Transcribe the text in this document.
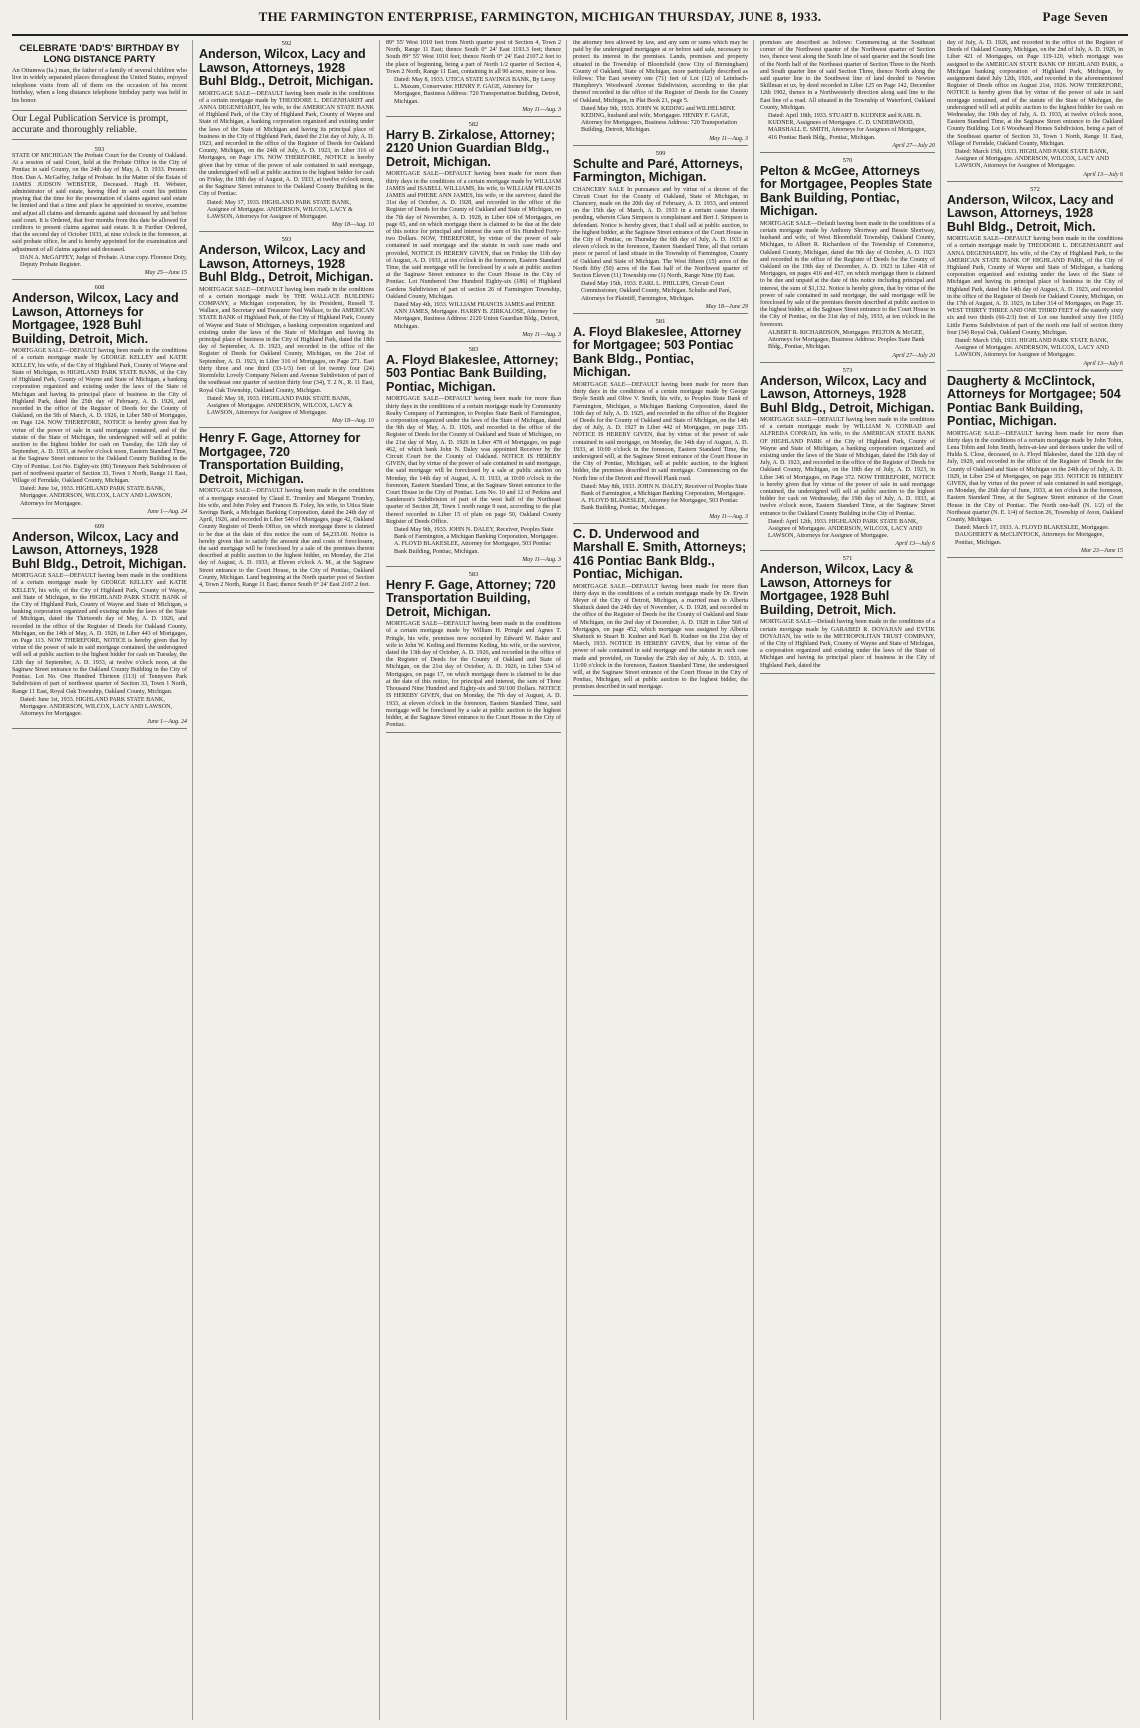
THE FARMINGTON ENTERPRISE, FARMINGTON, MICHIGAN THURSDAY, JUNE 8, 1933.	Page Seven
CELEBRATE 'DAD'S' BIRTHDAY BY LONG DISTANCE PARTY
An Ottumwa (Ia.) man, the father of a family of several children who live in widely separated places throughout the United States, enjoyed telephone visits from all of them on the occasion of his recent birthday, when a long distance telephone birthday party was held in his honor.
Our Legal Publication Service is prompt, accurate and thoroughly reliable.
593

STATE OF MICHIGAN The Probate Court for the County of Oakland. At a session of said Court, held at the Probate Office in the City of Pontiac in said County, on the 24th day of May, A. D. 1933. Present: Hon. Dan A. McGaffey, Judge of Probate. In the Matter of the Estate of JAMES JUDSON WEBSTER, Deceased. Hugh H. Webster, administrator of said estate, having filed in said court his petition praying that the time for the presentation of claims against said estate be limited and that a time and place be appointed to receive, examine and adjust all claims and demands against said deceased by and before said court. It is Ordered, that four months from this date be allowed for creditors to present claims against said estate. It is Further Ordered, that the second day of October 1933, at nine o'clock in the forenoon, at said probate office, be and is hereby appointed for the examination and adjustment of all claims against said deceased.

DAN A. McGAFFEY, Judge of Probate. A true copy. Florence Doty, Deputy Probate Register.
May 25—June 15
608
Anderson, Wilcox, Lacy and Lawson, Attorneys for Mortgagee, 1928 Buhl Building, Detroit, Mich.

MORTGAGE SALE—DEFAULT having been made in the conditions of a certain mortgage made by GEORGE KELLEY and KATIE KELLEY, his wife, of the City of Highland Park, County of Wayne and State of Michigan, to HIGHLAND PARK STATE BANK, of the City of Highland Park, County of Wayne and State of Michigan, a banking corporation organized and existing under the laws of the State of Michigan and having its principal place of business in the City of Highland Park, dated the 25th day of February, A. D. 1926, and recorded in the office of the Register of Deeds for the County of Oakland, on the 5th of March, A. D. 1926, in Liber 580 of Mortgages, on Page 124. NOW THEREFORE, NOTICE is hereby given that by virtue of the power of sale in said mortgage contained, and of the statute of the State of Michigan, the undersigned will sell at public auction to the highest bidder for cash on Tuesday, the 12th day of September, A. D. 1933, at twelve o'clock noon, Eastern Standard Time, at the Saginaw Street entrance to the Oakland County Building in the City of Pontiac. Lot No. Eighty-six (86) Tennyson Park Subdivision of part of northwest quarter of Section 33, Town 1 North, Range 11 East, Village of Ferndale, Oakland County, Michigan.

Dated: June 1st, 1933. HIGHLAND PARK STATE BANK, Mortgagee. ANDERSON, WILCOX, LACY AND LAWSON, Attorneys for Mortgagee.
June 1—Aug. 24
609
Anderson, Wilcox, Lacy and Lawson, Attorneys, 1928 Buhl Bldg., Detroit, Michigan.

MORTGAGE SALE—DEFAULT having been made in the conditions of a certain mortgage made by GEORGE KELLEY and KATIE KELLEY, his wife, of the City of Highland Park, County of Wayne, and State of Michigan, to the HIGHLAND PARK STATE BANK of the City of Highland Park, County of Wayne and State of Michigan, a banking corporation organized and existing under the laws of the State of Michigan, dated the Thirteenth day of May, A. D. 1926, and recorded in the office of the Register of Deeds for Oakland County, Michigan, on the 14th of May, A. D. 1926, in Liber 443 of Mortgages, on Page 113. NOW THEREFORE, NOTICE is hereby given that by virtue of the power of sale in said mortgage contained, the undersigned will sell at public auction to the highest bidder for cash on Tuesday, the 12th day of September, A. D. 1933, at twelve o'clock noon, at the Saginaw Street entrance to the Oakland County Building in the City of Pontiac. Lot No. One Hundred Thirteen (113) of Tennyson Park Subdivision of part of northwest quarter of Section 33, Town 1 North, Range 11 East, Royal Oak Township, Oakland County, Michigan.

Dated: June 1st, 1933. HIGHLAND PARK STATE BANK, Mortgagee. ANDERSON, WILCOX, LACY AND LAWSON, Attorneys for Mortgagee.
June 1—Aug. 24
592
Anderson, Wilcox, Lacy and Lawson, Attorneys, 1928 Buhl Bldg., Detroit, Michigan.

MORTGAGE SALE—DEFAULT having been made in the conditions of a certain mortgage made by THEODORE L. DEGENHARDT and ANNA DEGENHARDT, his wife, to the AMERICAN STATE BANK of Highland Park, of the City of Highland Park, County of Wayne and State of Michigan, a banking corporation organized and existing under the laws of the State of Michigan and having its principal place of business in the City of Highland Park, dated the 21st day of July, A. D. 1923, and recorded in the office of the Register of Deeds for Oakland County, Michigan, on the 24th of July, A. D. 1923, in Liber 316 of Mortgages, on Page 176. NOW THEREFORE, NOTICE is hereby given that by virtue of the power of sale contained in said mortgage, the undersigned will sell at public auction to the highest bidder for cash on Friday, the 18th day of August, A. D. 1933, at twelve o'clock noon, at the Saginaw Street entrance to the Oakland County Building in the City of Pontiac.

Dated: May 17, 1933. HIGHLAND PARK STATE BANK, Assignee of Mortgagee. ANDERSON, WILCOX, LACY & LAWSON, Attorneys for Assignee of Mortgagee.
May 18—Aug. 10
593
Anderson, Wilcox, Lacy and Lawson, Attorneys, 1928 Buhl Bldg., Detroit, Michigan.

MORTGAGE SALE—DEFAULT having been made in the conditions of a certain mortgage made by THE WALLACE BUILDING COMPANY, a Michigan corporation, by its President, Russell T. Wallace, and Secretary and Treasurer Ned Wallace, to the AMERICAN STATE BANK of Highland Park, of the City of Highland Park, County of Wayne and State of Michigan, a banking corporation organized and existing under the laws of the State of Michigan and having its principal place of business in the City of Highland Park, dated the 18th day of September, A. D. 1923, and recorded in the office of the Register of Deeds for Oakland County, Michigan, on the 21st of September, A. D. 1923, in Liber 316 of Mortgages, on Page 271. East thirty three and one third (33-1/3) feet of lot twenty four (24) Stormfeltz Lovely Company Nelson and Avenue Subdivision of part of the southeast one quarter of section thirty four (34), T. 2 N., R. 11 East, Royal Oak Township, Oakland County, Michigan.

Dated: May 18, 1933. HIGHLAND PARK STATE BANK, Assignee of Mortgagee. ANDERSON, WILCOX, LACY & LAWSON, Attorneys for Assignee of Mortgagee.
May 18—Aug. 10
Henry F. Gage, Attorney for Mortgagee, 720 Transportation Building, Detroit, Michigan.

MORTGAGE SALE—DEFAULT having been made in the conditions of a mortgage executed by Claud E. Tromley and Margaret Tromley, his wife, and John Foley and Frances B. Foley, his wife, to Utica State Savings Bank, a Michigan Banking Corporation, dated the 24th day of April, 1926, and recorded in Liber 540 of Mortgages, page 42, Oakland County Register of Deeds Office, on which mortgage there is claimed to be due at the date of this notice the sum of $4,235.00. Notice is hereby given that to satisfy the amount due and costs of foreclosure, the said mortgage will be foreclosed by a sale of the premises therein described at public auction to the highest bidder, on Monday, the 21st day of August, A. D. 1933, at Eleven o'clock A. M., at the Saginaw Street entrance to the Court House, in the City of Pontiac, Oakland County, Michigan. Land beginning at the North quarter post of Section 4, Town 2 North, Range 11 East; thence South 0° 24' East 2107.2 feet.

89° 55' West 1010 feet from North quarter post of Section 4, Town 2 North, Range 11 East; thence South 0° 24' East 1193.3 feet; thence South 89° 55' West 1010 feet; thence North 0° 24' East 2107.2 feet to the place of beginning, being a part of North 1/2 quarter of Section 4, Town 2 North, Range 11 East, containing in all 90 acres, more or less.

Dated: May 8, 1933. UTICA STATE SAVINGS BANK, By Leroy L. Maxam, Conservator. HENRY F. GAGE, Attorney for Mortgagee, Business Address: 720 Transportation Building, Detroit, Michigan.
May 11—Aug. 3
582
Harry B. Zirkalose, Attorney; 2120 Union Guardian Bldg., Detroit, Michigan.

MORTGAGE SALE—DEFAULT having been made for more than thirty days in the conditions of a certain mortgage made by WILLIAM JAMES and ISABELL WILLIAMS, his wife, to WILLIAM FRANCIS JAMES and PHEBE ANN JAMES, his wife, or the survivor, dated the 31st day of October, A. D. 1928, and recorded in the office of the Register of Deeds for the County of Oakland and State of Michigan, on the 7th day of November, A. D. 1928, in Liber 604 of Mortgages, on page 65, and on which mortgage there is claimed to be due at the date of this notice for principal and interest the sum of Six Hundred Forty-two Dollars. NOW, THEREFORE, by virtue of the power of sale contained in said mortgage and the statute in such case made and provided, NOTICE IS HEREBY GIVEN, that on Friday the 11th day of August, A. D. 1933, at ten o'clock in the forenoon, Eastern Standard Time, the said mortgage will be foreclosed by a sale at public auction at the Saginaw Street entrance to the Court House in the City of Pontiac. Lot Numbered One Hundred Eighty-six (186) of Highland Gardens Subdivision of part of section 26 of Farmington Township, Oakland County, Michigan.

Dated May 4th, 1933. WILLIAM FRANCIS JAMES and PHEBE ANN JAMES, Mortgagee. HARRY B. ZIRKALOSE, Attorney for Mortgagee, Business Address: 2120 Union Guardian Bldg., Detroit, Michigan.
May 11—Aug. 3
583
A. Floyd Blakeslee, Attorney; 503 Pontiac Bank Building, Pontiac, Michigan.

MORTGAGE SALE—DEFAULT having been made for more than thirty days in the conditions of a certain mortgage made by Community Realty Company of Farmington, to Peoples State Bank of Farmington, a corporation organized under the laws of the State of Michigan, dated the 9th day of May, A. D. 1926, and recorded in the office of the Register of Deeds for the County of Oakland and State of Michigan, on the 21st day of May, A. D. 1926 in Liber 478 of Mortgages, on page 462, of which bank John N. Daley was appointed Receiver by the Circuit Court for the County of Oakland. NOTICE IS HEREBY GIVEN, that by virtue of the power of sale contained in said mortgage, the said mortgage will be foreclosed by a sale at public auction on Monday, the 14th day of August, A. D. 1933, at 10:00 o'clock in the forenoon, Eastern Standard Time, at the Saginaw Street entrance to the Court House in the City of Pontiac. Lots No. 10 and 12 of Perkins and Sanderson's Subdivision of part of the west half of the Northeast quarter of Section 28, Town 1 north range 9 east, according to the plat thereof recorded in Liber 15 of plats on page 50, Oakland County Register of Deeds Office.

Dated May 9th, 1933. JOHN N. DALEY, Receiver, Peoples State Bank of Farmington, a Michigan Banking Corporation, Mortgagee. A. FLOYD BLAKESLEE, Attorney for Mortgagee, 503 Pontiac Bank Building, Pontiac, Michigan.
May 11—Aug. 3
583
Henry F. Gage, Attorney; 720 Transportation Building, Detroit, Michigan.

MORTGAGE SALE—DEFAULT having been made in the conditions of a certain mortgage made by William H. Pringle and Agnes T. Pringle, his wife, premises now occupied by Edward W. Baker and wife to John W. Keding and Hermine Keding, his wife, or the survivor, dated the 13th day of October, A. D. 1926, and recorded in the office of the Register of Deeds for the County of Oakland and State of Michigan, on the 21st day of October, A. D. 1926, in Liber 534 of Mortgages, on page 17, on which mortgage there is claimed to be due at the date of this notice, for principal and interest, the sum of Three Thousand Nine Hundred and Eighty-six and 50/100 Dollars. NOTICE IS HEREBY GIVEN, that on Monday, the 7th day of August, A. D. 1933, at eleven o'clock in the forenoon, Eastern Standard Time, said mortgage will be foreclosed by a sale at public auction to the highest bidder, at the Saginaw Street entrance to the Court House in the City of Pontiac.

the attorney fees allowed by law, and any sum or sums which may be paid by the undersigned mortgagee at or before said sale, necessary to protect its interest in the premises. Lands, premises and property situated in the Township of Bloomfield (now City of Birmingham) County of Oakland, State of Michigan, more particularly described as follows: The East seventy one (71) feet of Lot (12) of Leinbach-Humphrey's Woodward Avenue Subdivision, according to the plat thereof recorded in the office of the Register of Deeds for the County of Oakland, Michigan, in Plat Book 21, page 5.

Dated May 9th, 1933. JOHN W. KEDING and WILHELMINE KEDING, husband and wife, Mortgagee. HENRY F. GAGE, Attorney for Mortgagees, Business Address: 720 Transportation Building, Detroit, Michigan.
May 11—Aug. 3
599
Schulte and Paré, Attorneys, Farmington, Michigan.

CHANCERY SALE In pursuance and by virtue of a decree of the Circuit Court for the County of Oakland, State of Michigan, in Chancery, made on the 20th day of February, A. D. 1933, and entered on the 15th day of March, A. D. 1933 in a certain cause therein pending, wherein Clara Simpson is complainant and Bert J. Simpson is defendant. Notice is hereby given, that I shall sell at public auction, to the highest bidder, at the Saginaw Street entrance of the Court House in the City of Pontiac, on Thursday the 6th day of July, A. D. 1933 at eleven o'clock in the forenoon, Eastern Standard Time, all that certain piece or parcel of land situate in the Township of Farmington, County of Oakland and State of Michigan. The West fifteen (15) acres of the North fifty (50) acres of the East half of the Northwest quarter of Section Eleven (11) Township one (1) North, Range Nine (9) East.

Dated May 15th, 1933. EARL L. PHILLIPS, Circuit Court Commissioner, Oakland County, Michigan. Schulte and Paré, Attorneys for Plaintiff, Farmington, Michigan.
May 18—June 29
581
A. Floyd Blakeslee, Attorney for Mortgagee; 503 Pontiac Bank Bldg., Pontiac, Michigan.

MORTGAGE SALE—DEFAULT having been made for more than thirty days in the conditions of a certain mortgage made by George Boyle Smith and Olive V. Smith, his wife, to Peoples State Bank of Farmington, Michigan, a Michigan Banking Corporation, dated the 10th day of July, A. D. 1925, and recorded in the office of the Register of Deeds for the County of Oakland and State of Michigan, on the 14th day of July, A. D. 1927 in Liber 442 of Mortgages, on page 335. NOTICE IS HEREBY GIVEN, that by virtue of the power of sale contained in said mortgage, on Monday, the 14th day of August, A. D. 1933, at 10:00 o'clock in the forenoon, Eastern Standard Time, the undersigned will, at the Saginaw Street entrance of the Court House in the City of Pontiac, Michigan, sell at public auction, to the highest bidder, the premises described in said mortgage. Commencing on the North line of the Detroit and Howell Plank road.

Dated: May 8th, 1933. JOHN N. DALEY, Receiver of Peoples State Bank of Farmington, a Michigan Banking Corporation, Mortgagee. A. FLOYD BLAKESLEE, Attorney for Mortgagee, 503 Pontiac Bank Building, Pontiac, Michigan.
May 11—Aug. 3
C. D. Underwood and Marshall E. Smith, Attorneys; 416 Pontiac Bank Bldg., Pontiac, Michigan.

MORTGAGE SALE—DEFAULT having been made for more than thirty days in the conditions of a certain mortgage made by Dr. Erwin Meyer of the City of Detroit, Michigan, a married man to Alberta Shattuck dated the 24th day of November, A. D. 1928, and recorded in the office of the Register of Deeds for the County of Oakland and State of Michigan, on the 2nd day of December, A. D. 1928 in Liber 568 of Mortgages, on page 452, which mortgage was assigned by Alberta Shattuck to Stuart B. Kudner and Karl B. Kudner on the 21st day of March, 1933. NOTICE IS HEREBY GIVEN, that by virtue of the power of sale contained in said mortgage and the statute in such case made and provided, on Tuesday the 25th day of July, A. D. 1933, at 11:00 o'clock in the forenoon, Eastern Standard Time, the undersigned will, at the Saginaw Street entrance of the Court House in the City of Pontiac, Michigan, sell at public auction to the highest bidder, the premises described in said mortgage.

premises are described as follows: Commencing at the Southeast corner of the Northwest quarter of the Northwest quarter of Section two, thence west along the South line of said quarter and the South line of the North half of the Northeast quarter of Section Three to the North and South quarter line of said Section Three, thence North along the said quarter line to the Southwest line of land deeded to Newton Skillman et ux, by deed recorded in Liber 125 on Page 142, December 12th 1902, thence in a Northwesterly direction along said line to the East line of a road. All situated in the Township of Waterford, Oakland County, Michigan.

Dated: April 18th, 1933. STUART B. KUDNER and KARL B. KUDNER, Assignees of Mortgagee. C. D. UNDERWOOD, MARSHALL E. SMITH, Attorneys for Assignees of Mortgagee, 416 Pontiac Bank Bldg., Pontiac, Michigan.
April 27—July 20
570
Pelton & McGee, Attorneys for Mortgagee, Peoples State Bank Building, Pontiac, Michigan.

MORTGAGE SALE—Default having been made in the conditions of a certain mortgage made by Anthony Shortway and Bessie Shortway, husband and wife, of West Bloomfield Township, Oakland County, Michigan, to Albert R. Richardson of the Township of Commerce, Oakland County, Michigan, dated the 9th day of October, A. D. 1923 and recorded in the office of the Register of Deeds for the County of Oakland on the 19th day of December, A. D. 1923 in Liber 418 of Mortgages, on pages 416 and 417, on which mortgage there is claimed to be due and unpaid at the date of this notice including principal and interest, the sum of $1,132. Notice is hereby given, that by virtue of the power of sale contained in said mortgage, the said mortgage will be foreclosed by sale of the premises therein described at public auction to the highest bidder, at the Saginaw Street entrance to the Court House in the City of Pontiac, on the 31st day of July, 1933, at ten o'clock in the forenoon.

ALBERT R. RICHARDSON, Mortgagee. PELTON & McGEE, Attorneys for Mortgagee, Business Address: Peoples State Bank Bldg., Pontiac, Michigan.
April 27—July 20
573
Anderson, Wilcox, Lacy and Lawson, Attorneys, 1928 Buhl Bldg., Detroit, Michigan.

MORTGAGE SALE—DEFAULT having been made in the conditions of a certain mortgage made by WILLIAM N. CONRAD and ALFREDA CONRAD, his wife, to the AMERICAN STATE BANK OF HIGHLAND PARK of the City of Highland Park, County of Wayne and State of Michigan, a banking corporation organized and existing under the laws of the State of Michigan, dated the 15th day of July, A. D. 1923, and recorded in the office of the Register of Deeds for Oakland County, Michigan, on the 18th day of July, A. D. 1923, in Liber 346 of Mortgages, on Page 372. NOW THEREFORE, NOTICE is hereby given that by virtue of the power of sale in said mortgage contained, the undersigned will sell at public auction to the highest bidder for cash on Wednesday, the 19th day of July, A. D. 1933, at twelve o'clock noon, Eastern Standard Time, at the Saginaw Street entrance to the Oakland County Building in the City of Pontiac.

Dated: April 12th, 1933. HIGHLAND PARK STATE BANK, Assignee of Mortgagee. ANDERSON, WILCOX, LACY AND LAWSON, Attorneys for Assignee of Mortgagee.
April 13—July 6
571
Anderson, Wilcox, Lacy & Lawson, Attorneys for Mortgagee, 1928 Buhl Building, Detroit, Mich.

MORTGAGE SALE—Default having been made in the conditions of a certain mortgage made by GARABED R. DOYAJIAN and EVTIK DOYAJIAN, his wife to the METROPOLITAN TRUST COMPANY, of the City of Highland Park, County of Wayne and State of Michigan, a corporation organized and existing under the laws of the State of Michigan and having its principal place of business in the City of Highland Park, dated the

day of July, A. D. 1926, and recorded in the office of the Register of Deeds of Oakland County, Michigan, on the 2nd of July, A. D. 1926, in Liber 421 of Mortgages, on Page 119-120, which mortgage was assigned to the AMERICAN STATE BANK OF HIGHLAND PARK, a Michigan banking corporation of Highland Park, Michigan, by assignment dated July 12th, 1926, and recorded in the aforementioned Register of Deeds office on August 21st, 1926. NOW THEREFORE, NOTICE is hereby given that by virtue of the power of sale in said mortgage contained, and of the statute of the State of Michigan, the undersigned will sell at public auction to the highest bidder for cash on Wednesday, the 19th day of July, A. D. 1933, at twelve o'clock noon, Eastern Standard Time, at the Saginaw Street entrance to the Oakland County Building. Lot 6 Woodward Homes Subdivision, being a part of the Southeast quarter of Section 31, Town 1 North, Range 11 East, Village of Ferndale, Oakland County, Michigan.

Dated: March 15th, 1933. HIGHLAND PARK STATE BANK, Assignee of Mortgagee. ANDERSON, WILCOX, LACY AND LAWSON, Attorneys for Assignee of Mortgagee.
April 13—July 6
572
Anderson, Wilcox, Lacy and Lawson, Attorneys, 1928 Buhl Bldg., Detroit, Mich.

MORTGAGE SALE—DEFAULT having been made in the conditions of a certain mortgage made by THEODORE L. DEGENHARDT and ANNA DEGENHARDT, his wife, of the City of Highland Park, to the AMERICAN STATE BANK OF HIGHLAND PARK, of the City of Highland Park, County of Wayne and State of Michigan, a banking corporation organized and existing under the laws of the State of Michigan and having its principal place of business in the City of Highland Park, dated the 14th day of August, A. D. 1923, and recorded in the office of the Register of Deeds for Oakland County, Michigan, on the 17th of August, A. D. 1923, in Liber 314 of Mortgages, on Page 35. WEST THIRTY THREE AND ONE THIRD FEET of the easterly sixty six and two thirds (66-2/3) feet of Lot one hundred sixty five (165) Little Farms Subdivision of part of the north one half of section thirty four (34) Royal Oak, Oakland County, Michigan.

Dated: March 15th, 1933. HIGHLAND PARK STATE BANK, Assignee of Mortgagee. ANDERSON, WILCOX, LACY AND LAWSON, Attorneys for Assignee of Mortgagee.
April 13—July 6
Daugherty & McClintock, Attorneys for Mortgagee; 504 Pontiac Bank Building, Pontiac, Michigan.

MORTGAGE SALE—DEFAULT having been made for more than thirty days in the conditions of a certain mortgage made by John Tobin, Lena Tobin and John Smith, heirs-at-law and devisees under the will of Hulda S. Close, deceased, to A. Floyd Blakeslee, dated the 12th day of July, 1929, and recorded in the office of the Register of Deeds for the County of Oakland and State of Michigan on the 24th day of July, A. D. 1929, in Liber 234 of Mortgages, on page 353. NOTICE IS HEREBY GIVEN, that by virtue of the power of sale contained in said mortgage, on Monday, the 26th day of June, 1933, at ten o'clock in the forenoon, Eastern Standard Time, at the Saginaw Street entrance of the Court House in the City of Pontiac. The North one-half (N. 1/2) of the Northeast quarter (N. E. 1/4) of Section 26, Township of Avon, Oakland County, Michigan.

Dated: March 17, 1933. A. FLOYD BLAKESLEE, Mortgagee. DAUGHERTY & McCLINTOCK, Attorneys for Mortgagee, Pontiac, Michigan.
Mar 23—June 15
